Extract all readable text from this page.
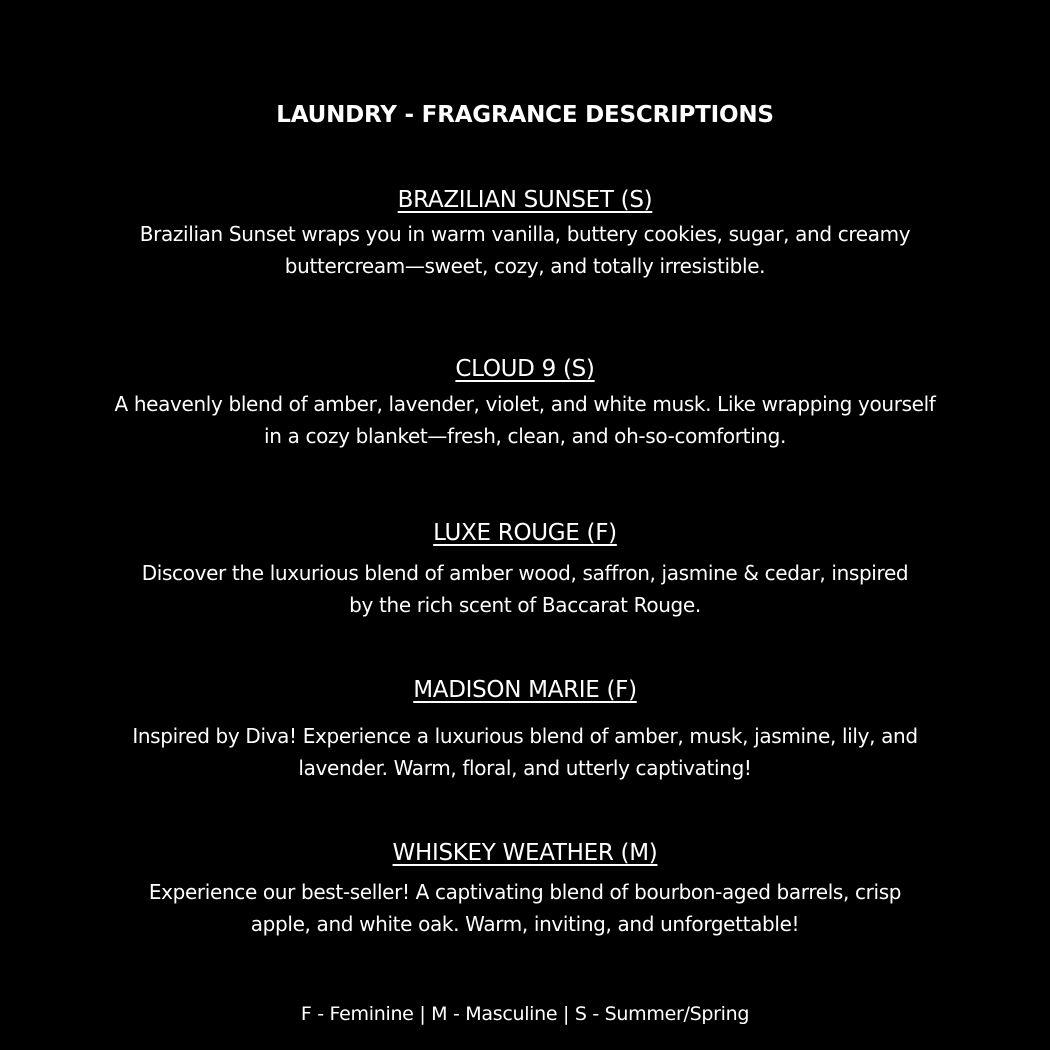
LAUNDRY - FRAGRANCE DESCRIPTIONS
BRAZILIAN SUNSET (S)
Brazilian Sunset wraps you in warm vanilla, buttery cookies, sugar, and creamy
buttercream—sweet, cozy, and totally irresistible.
CLOUD 9 (S)
A heavenly blend of amber, lavender, violet, and white musk. Like wrapping yourself
in a cozy blanket—fresh, clean, and oh-so-comforting.
LUXE ROUGE (F)
Discover the luxurious blend of amber wood, saffron, jasmine & cedar, inspired
by the rich scent of Baccarat Rouge.
MADISON MARIE (F)
Inspired by Diva! Experience a luxurious blend of amber, musk, jasmine, lily, and
lavender. Warm, floral, and utterly captivating!
WHISKEY WEATHER (M)
Experience our best-seller! A captivating blend of bourbon-aged barrels, crisp
apple, and white oak. Warm, inviting, and unforgettable!
F - Feminine | M - Masculine | S - Summer/Spring
